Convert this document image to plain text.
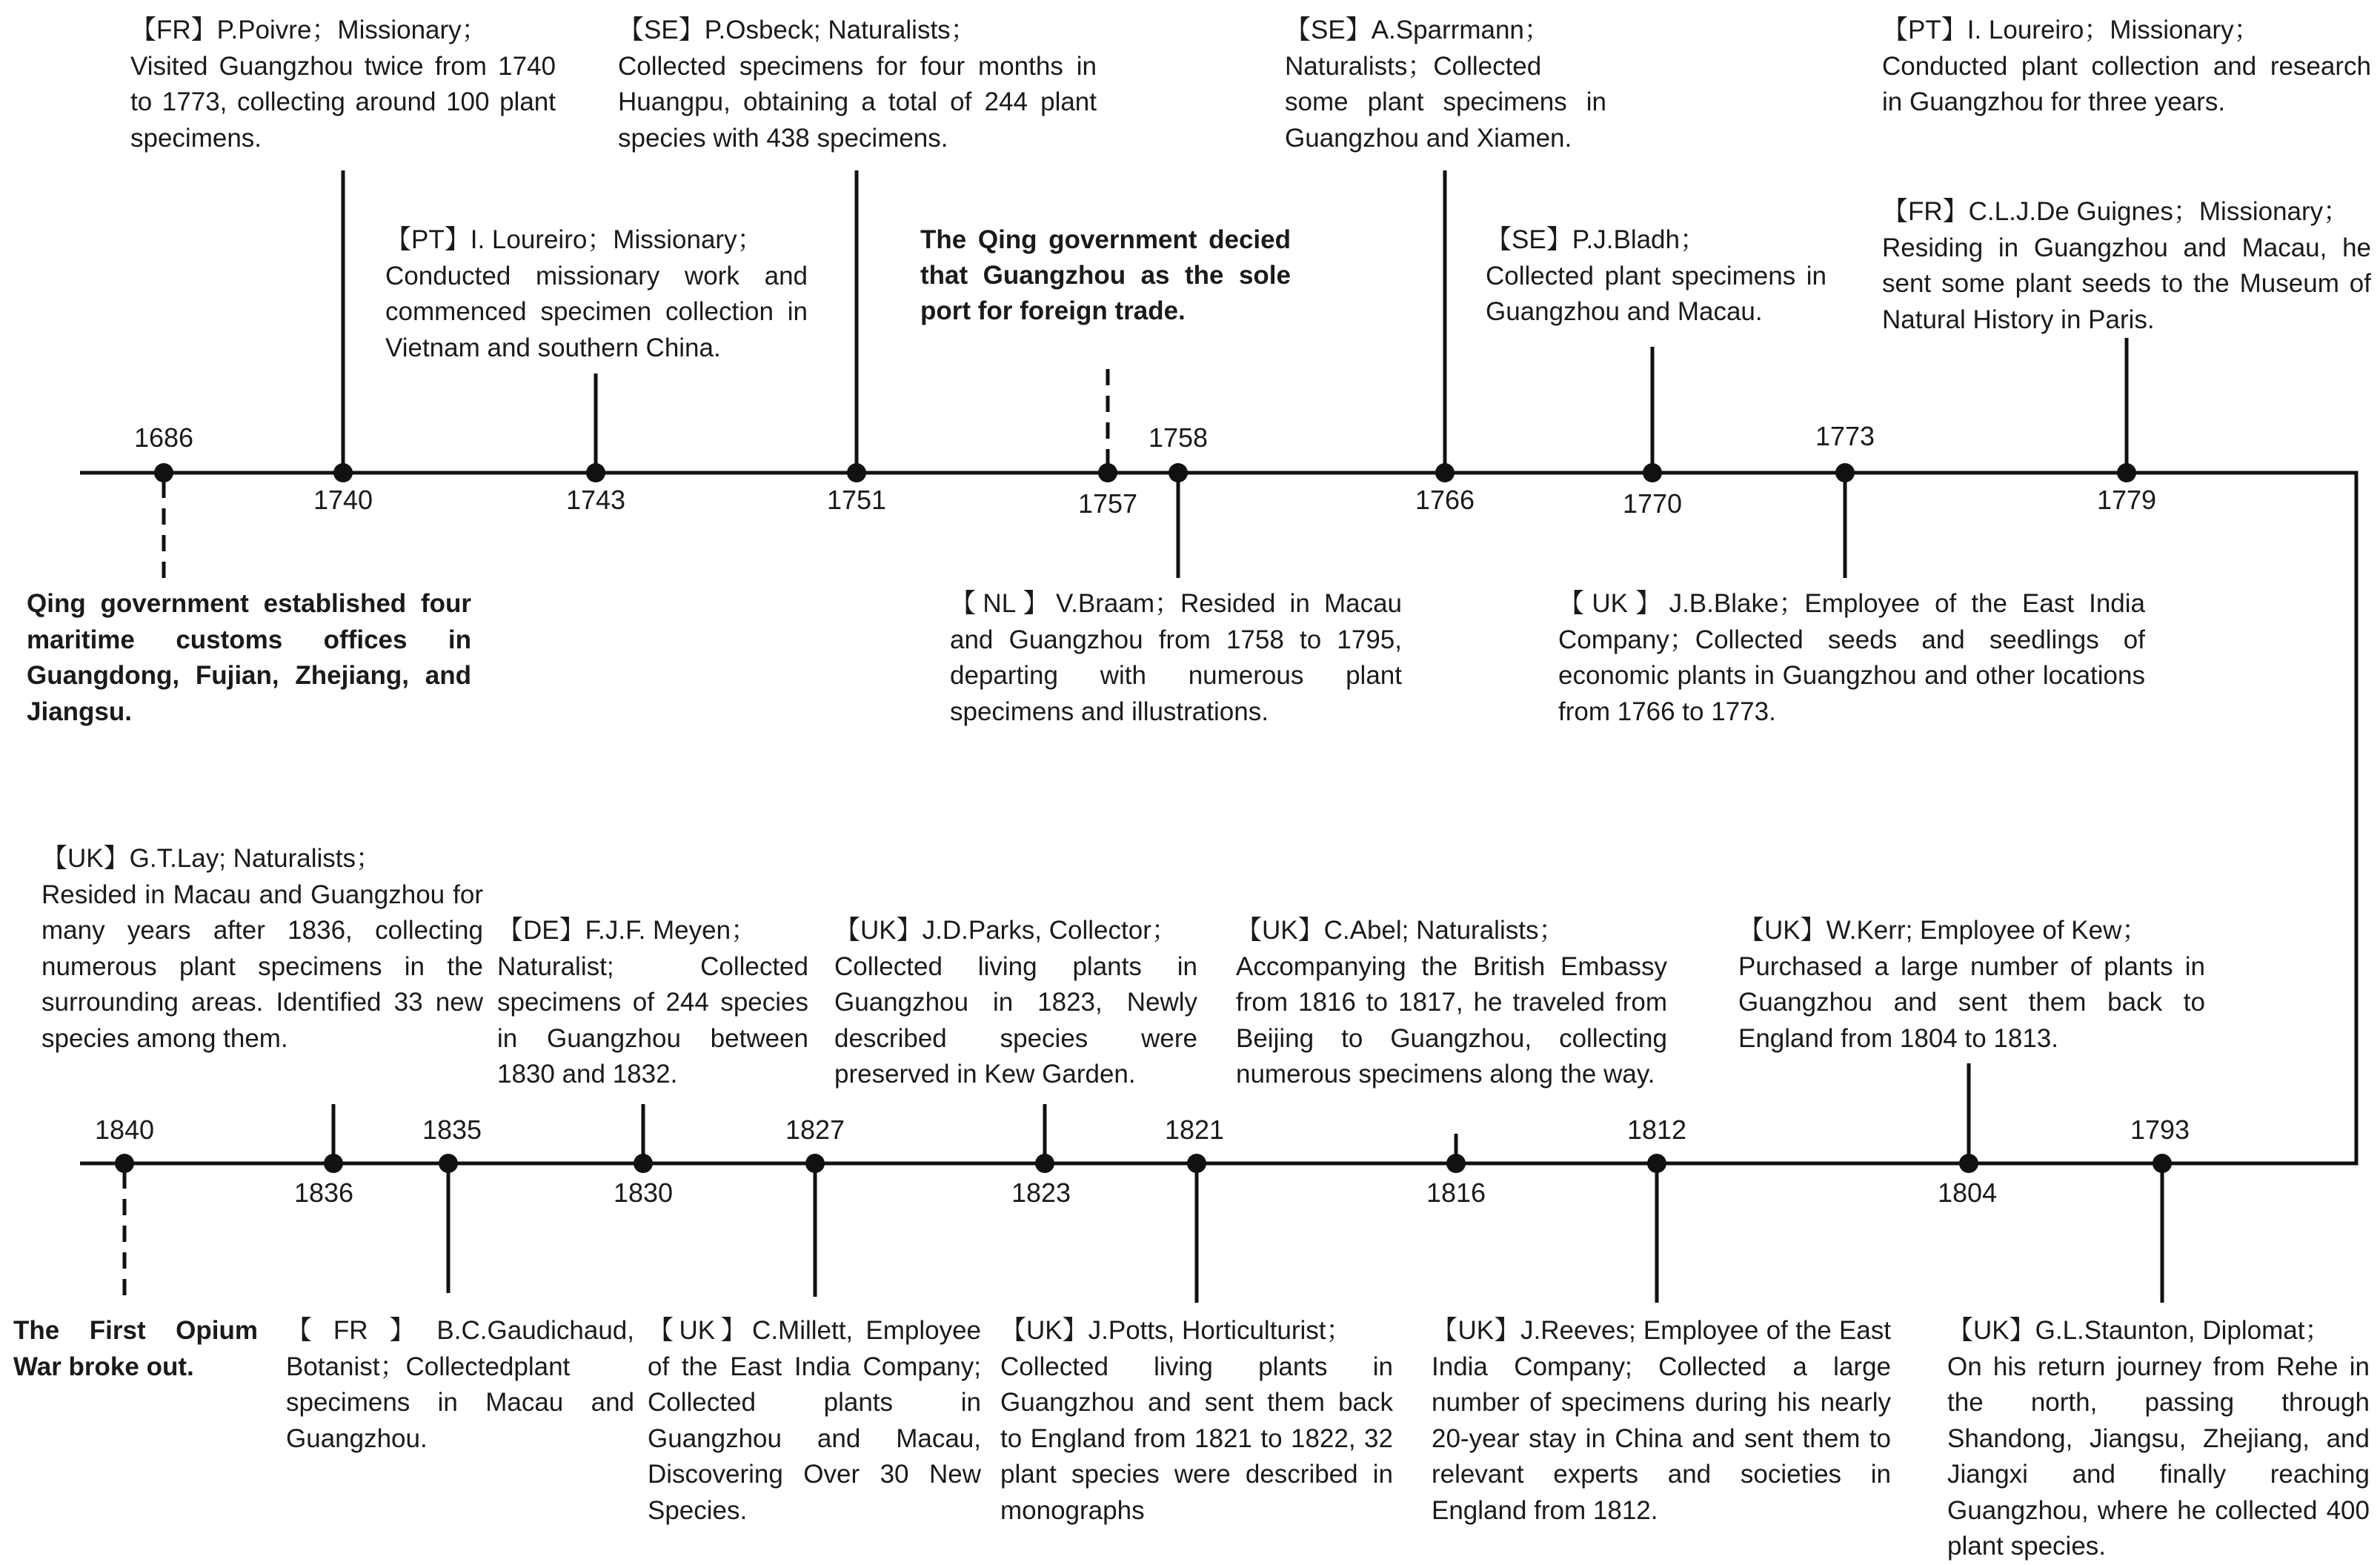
1686
1740	1743	1751	1757
1758
1766	1770
1773
1779
1840
1836
1835
1830
1827
1823
1821
1816
1812
1804
1793
【FR】P.Poivre；Missionary；
Visited Guangzhou twice from 1740 to 1773, collecting around 100 plant specimens.
【PT】I. Loureiro；Missionary；
Conducted missionary work and commenced specimen collection in Vietnam and southern China.
【SE】P.Osbeck; Naturalists；
Collected specimens for four months in Huangpu, obtaining a total of 244 plant species with 438 specimens.
The Qing government decied that Guangzhou as the sole port for foreign trade.
【SE】A.Sparrmann；
Naturalists；Collected some plant specimens in Guangzhou and Xiamen.
【SE】P.J.Bladh；
Collected plant specimens in Guangzhou and Macau.
【PT】I. Loureiro；Missionary；
Conducted plant collection and research in Guangzhou for three years.
【FR】C.L.J.De Guignes；Missionary；
Residing in Guangzhou and Macau, he sent some plant seeds to the Museum of Natural History in Paris.
Qing government established four maritime customs offices in Guangdong, Fujian, Zhejiang, and Jiangsu.
【NL】V.Braam；Resided in Macau and Guangzhou from 1758 to 1795, departing with numerous plant specimens and illustrations.
【UK】J.B.Blake；Employee of the East India Company；Collected seeds and seedlings of economic plants in Guangzhou and other locations from 1766 to 1773.
【UK】G.T.Lay; Naturalists；
Resided in Macau and Guangzhou for many years after 1836, collecting numerous plant specimens in the surrounding areas. Identified 33 new species among them.
【DE】F.J.F. Meyen；
Naturalist; Collected specimens of 244 species in Guangzhou between 1830 and 1832.
【UK】J.D.Parks, Collector；
Collected living plants in Guangzhou in 1823, Newly described species were preserved in Kew Garden.
【UK】C.Abel; Naturalists；
Accompanying the British Embassy from 1816 to 1817, he traveled from Beijing to Guangzhou, collecting numerous specimens along the way.
【UK】W.Kerr; Employee of Kew；
Purchased a large number of plants in Guangzhou and sent them back to England from 1804 to 1813.
The First Opium War broke out.
【FR】B.C.Gaudichaud, Botanist；Collectedplant specimens in Macau and Guangzhou.
【UK】C.Millett, Employee of the East India Company; Collected plants in Guangzhou and Macau, Discovering Over 30 New Species.
【UK】J.Potts, Horticulturist；
Collected living plants in Guangzhou and sent them back to England from 1821 to 1822, 32 plant species were described in monographs
【UK】J.Reeves; Employee of the East India Company; Collected a large number of specimens during his nearly 20-year stay in China and sent them to relevant experts and societies in England from 1812.
【UK】G.L.Staunton, Diplomat；
On his return journey from Rehe in the north, passing through Shandong, Jiangsu, Zhejiang, and Jiangxi and finally reaching Guangzhou, where he collected 400 plant species.
